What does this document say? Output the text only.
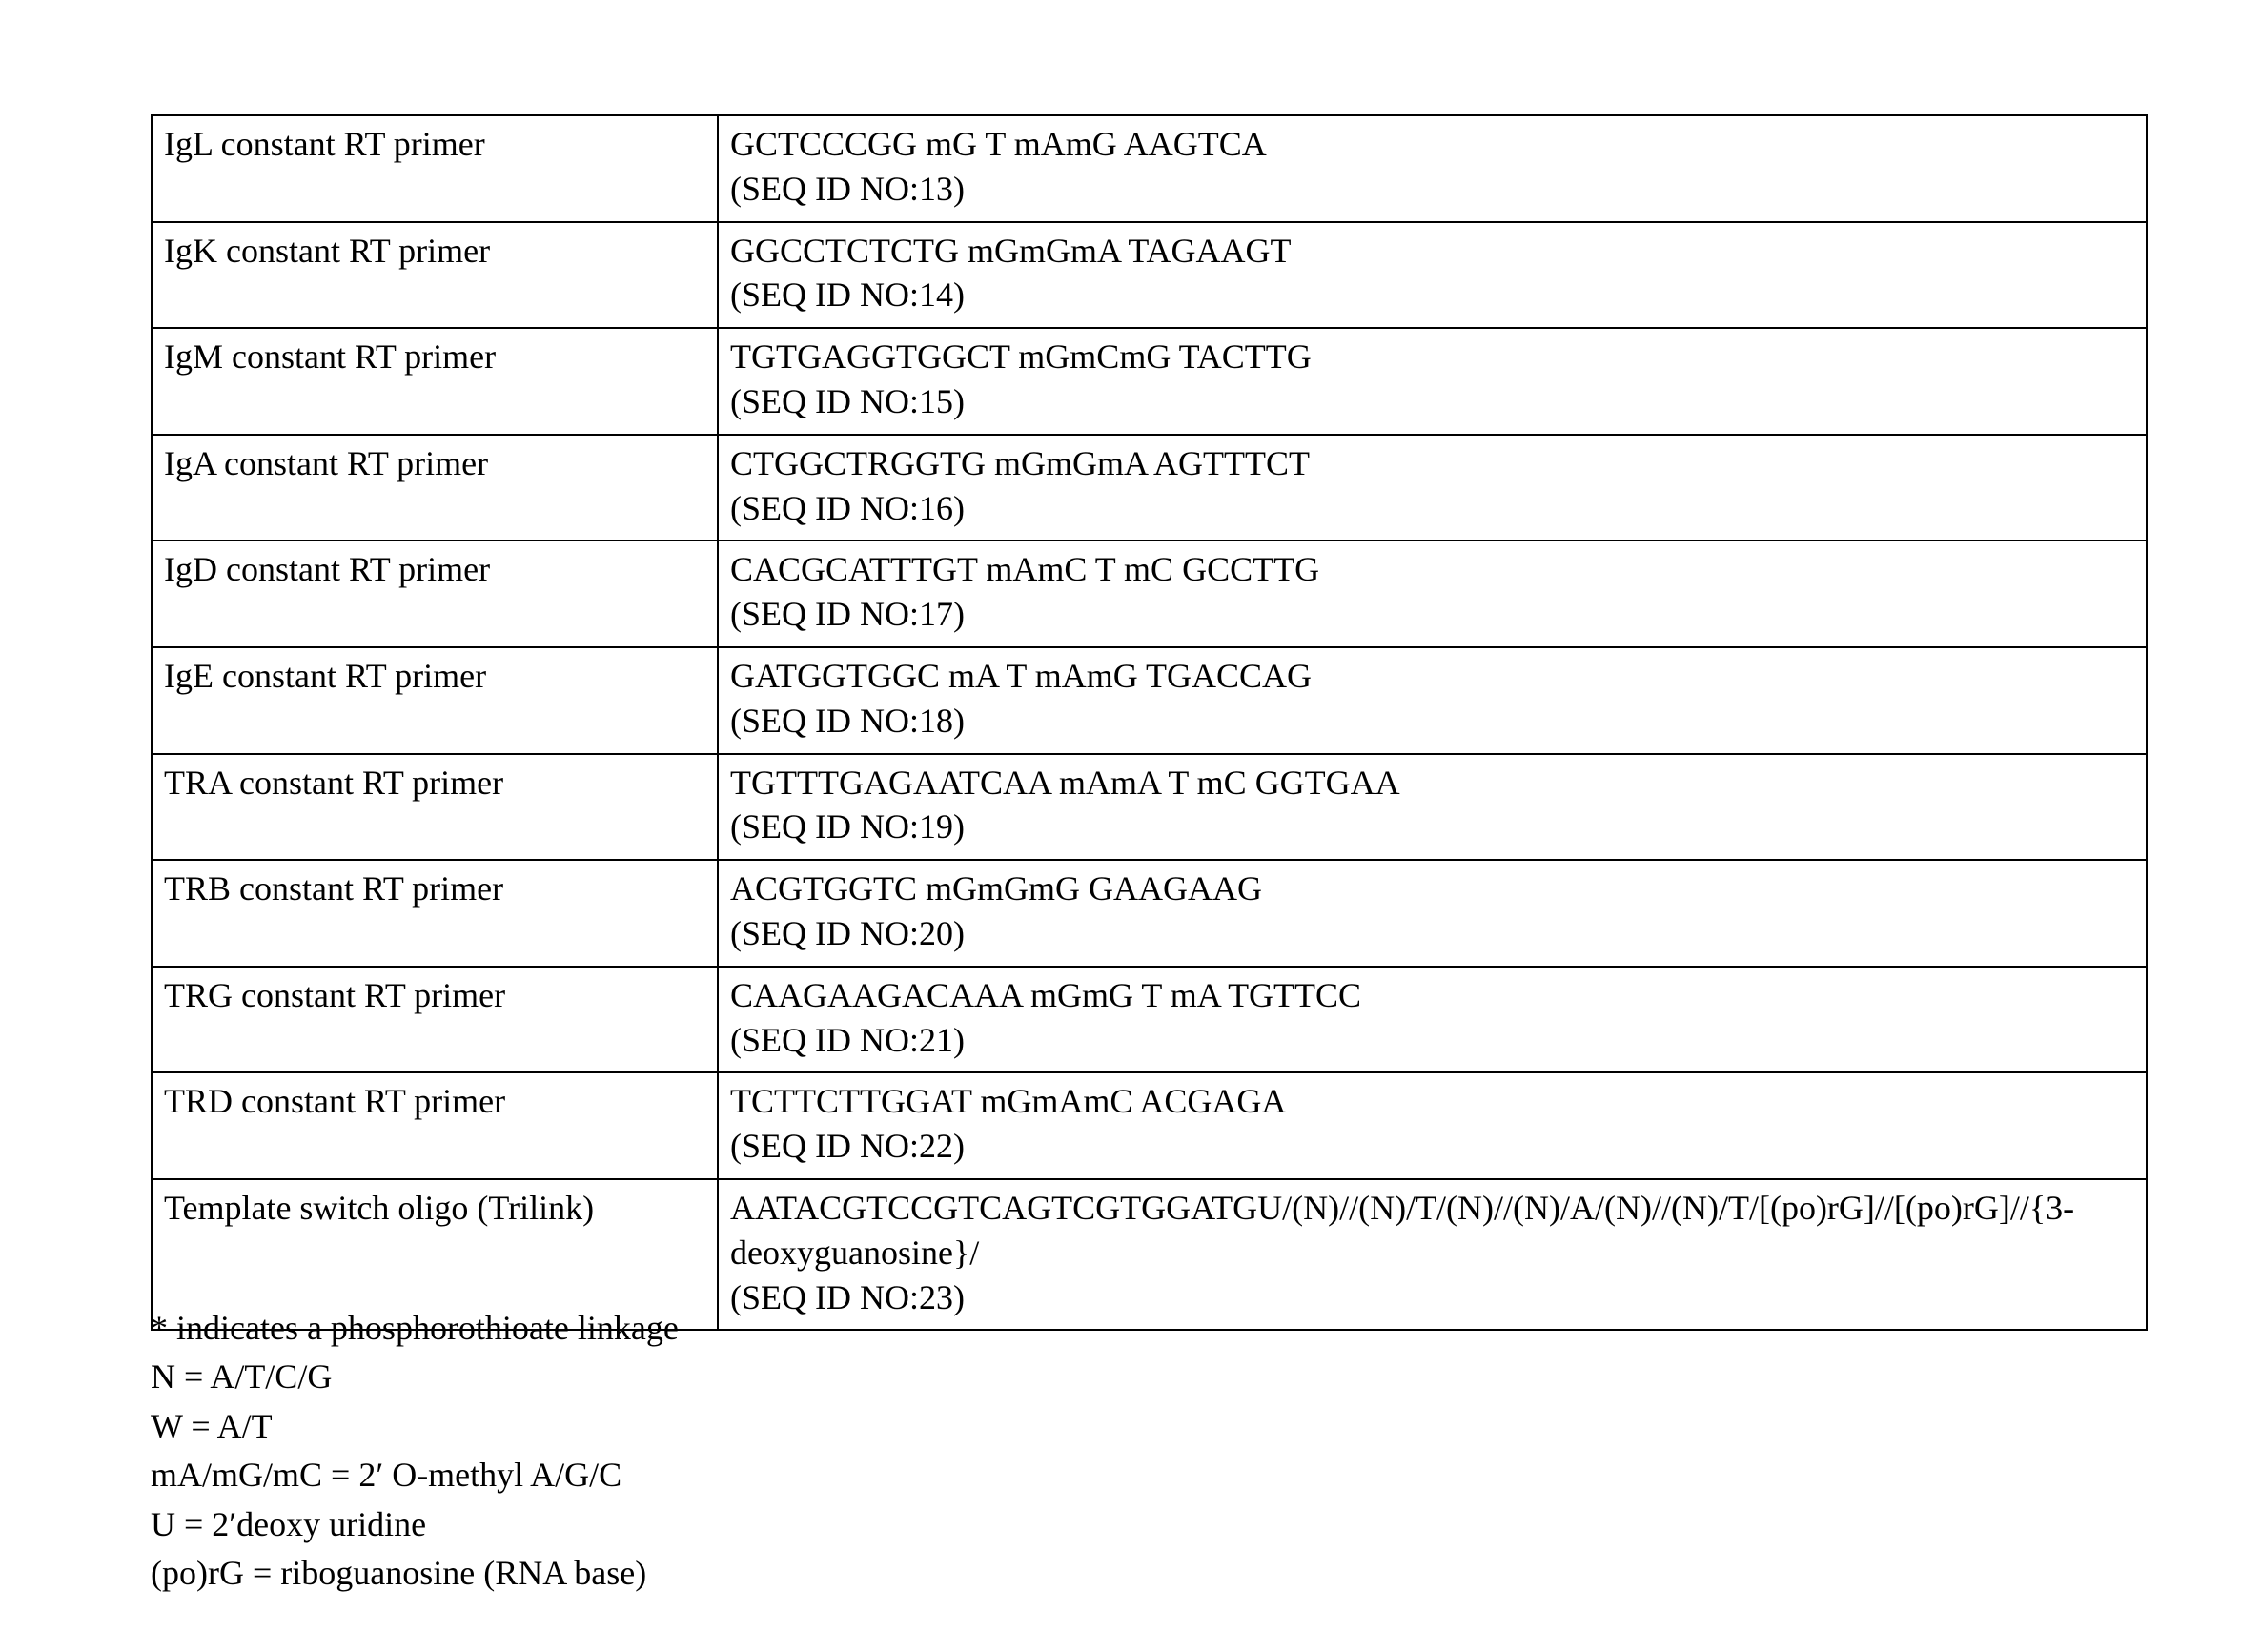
IgL constant RT primer	GCTCCCGG mG T mAmG AAGTCA
(SEQ ID NO:13)

IgK constant RT primer	GGCCTCTCTG mGmGmA TAGAAGT
(SEQ ID NO:14)

IgM constant RT primer	TGTGAGGTGGCT mGmCmG TACTTG
(SEQ ID NO:15)

IgA constant RT primer	CTGGCTRGGTG mGmGmA AGTTTCT
(SEQ ID NO:16)

IgD constant RT primer	CACGCATTTGT mAmC T mC GCCTTG
(SEQ ID NO:17)

IgE constant RT primer	GATGGTGGC mA T mAmG TGACCAG
(SEQ ID NO:18)

TRA constant RT primer	TGTTTGAGAATCAA mAmA T mC GGTGAA
(SEQ ID NO:19)

TRB constant RT primer	ACGTGGTC mGmGmG GAAGAAG
(SEQ ID NO:20)

TRG constant RT primer	CAAGAAGACAAA mGmG T mA TGTTCC
(SEQ ID NO:21)

TRD constant RT primer	TCTTCTTGGAT mGmAmC ACGAGA
(SEQ ID NO:22)

Template switch oligo (Trilink)	AATACGTCCGTCAGTCGTGGATGU/(N)//(N)/T/(N)//(N)/A/(N)//(N)/T/[(po)rG]//[(po)rG]//{3-deoxyguanosine}/
(SEQ ID NO:23)
* indicates a phosphorothioate linkage
N = A/T/C/G
W = A/T
mA/mG/mC = 2′ O-methyl A/G/C
U = 2′deoxy uridine
(po)rG = riboguanosine (RNA base)
